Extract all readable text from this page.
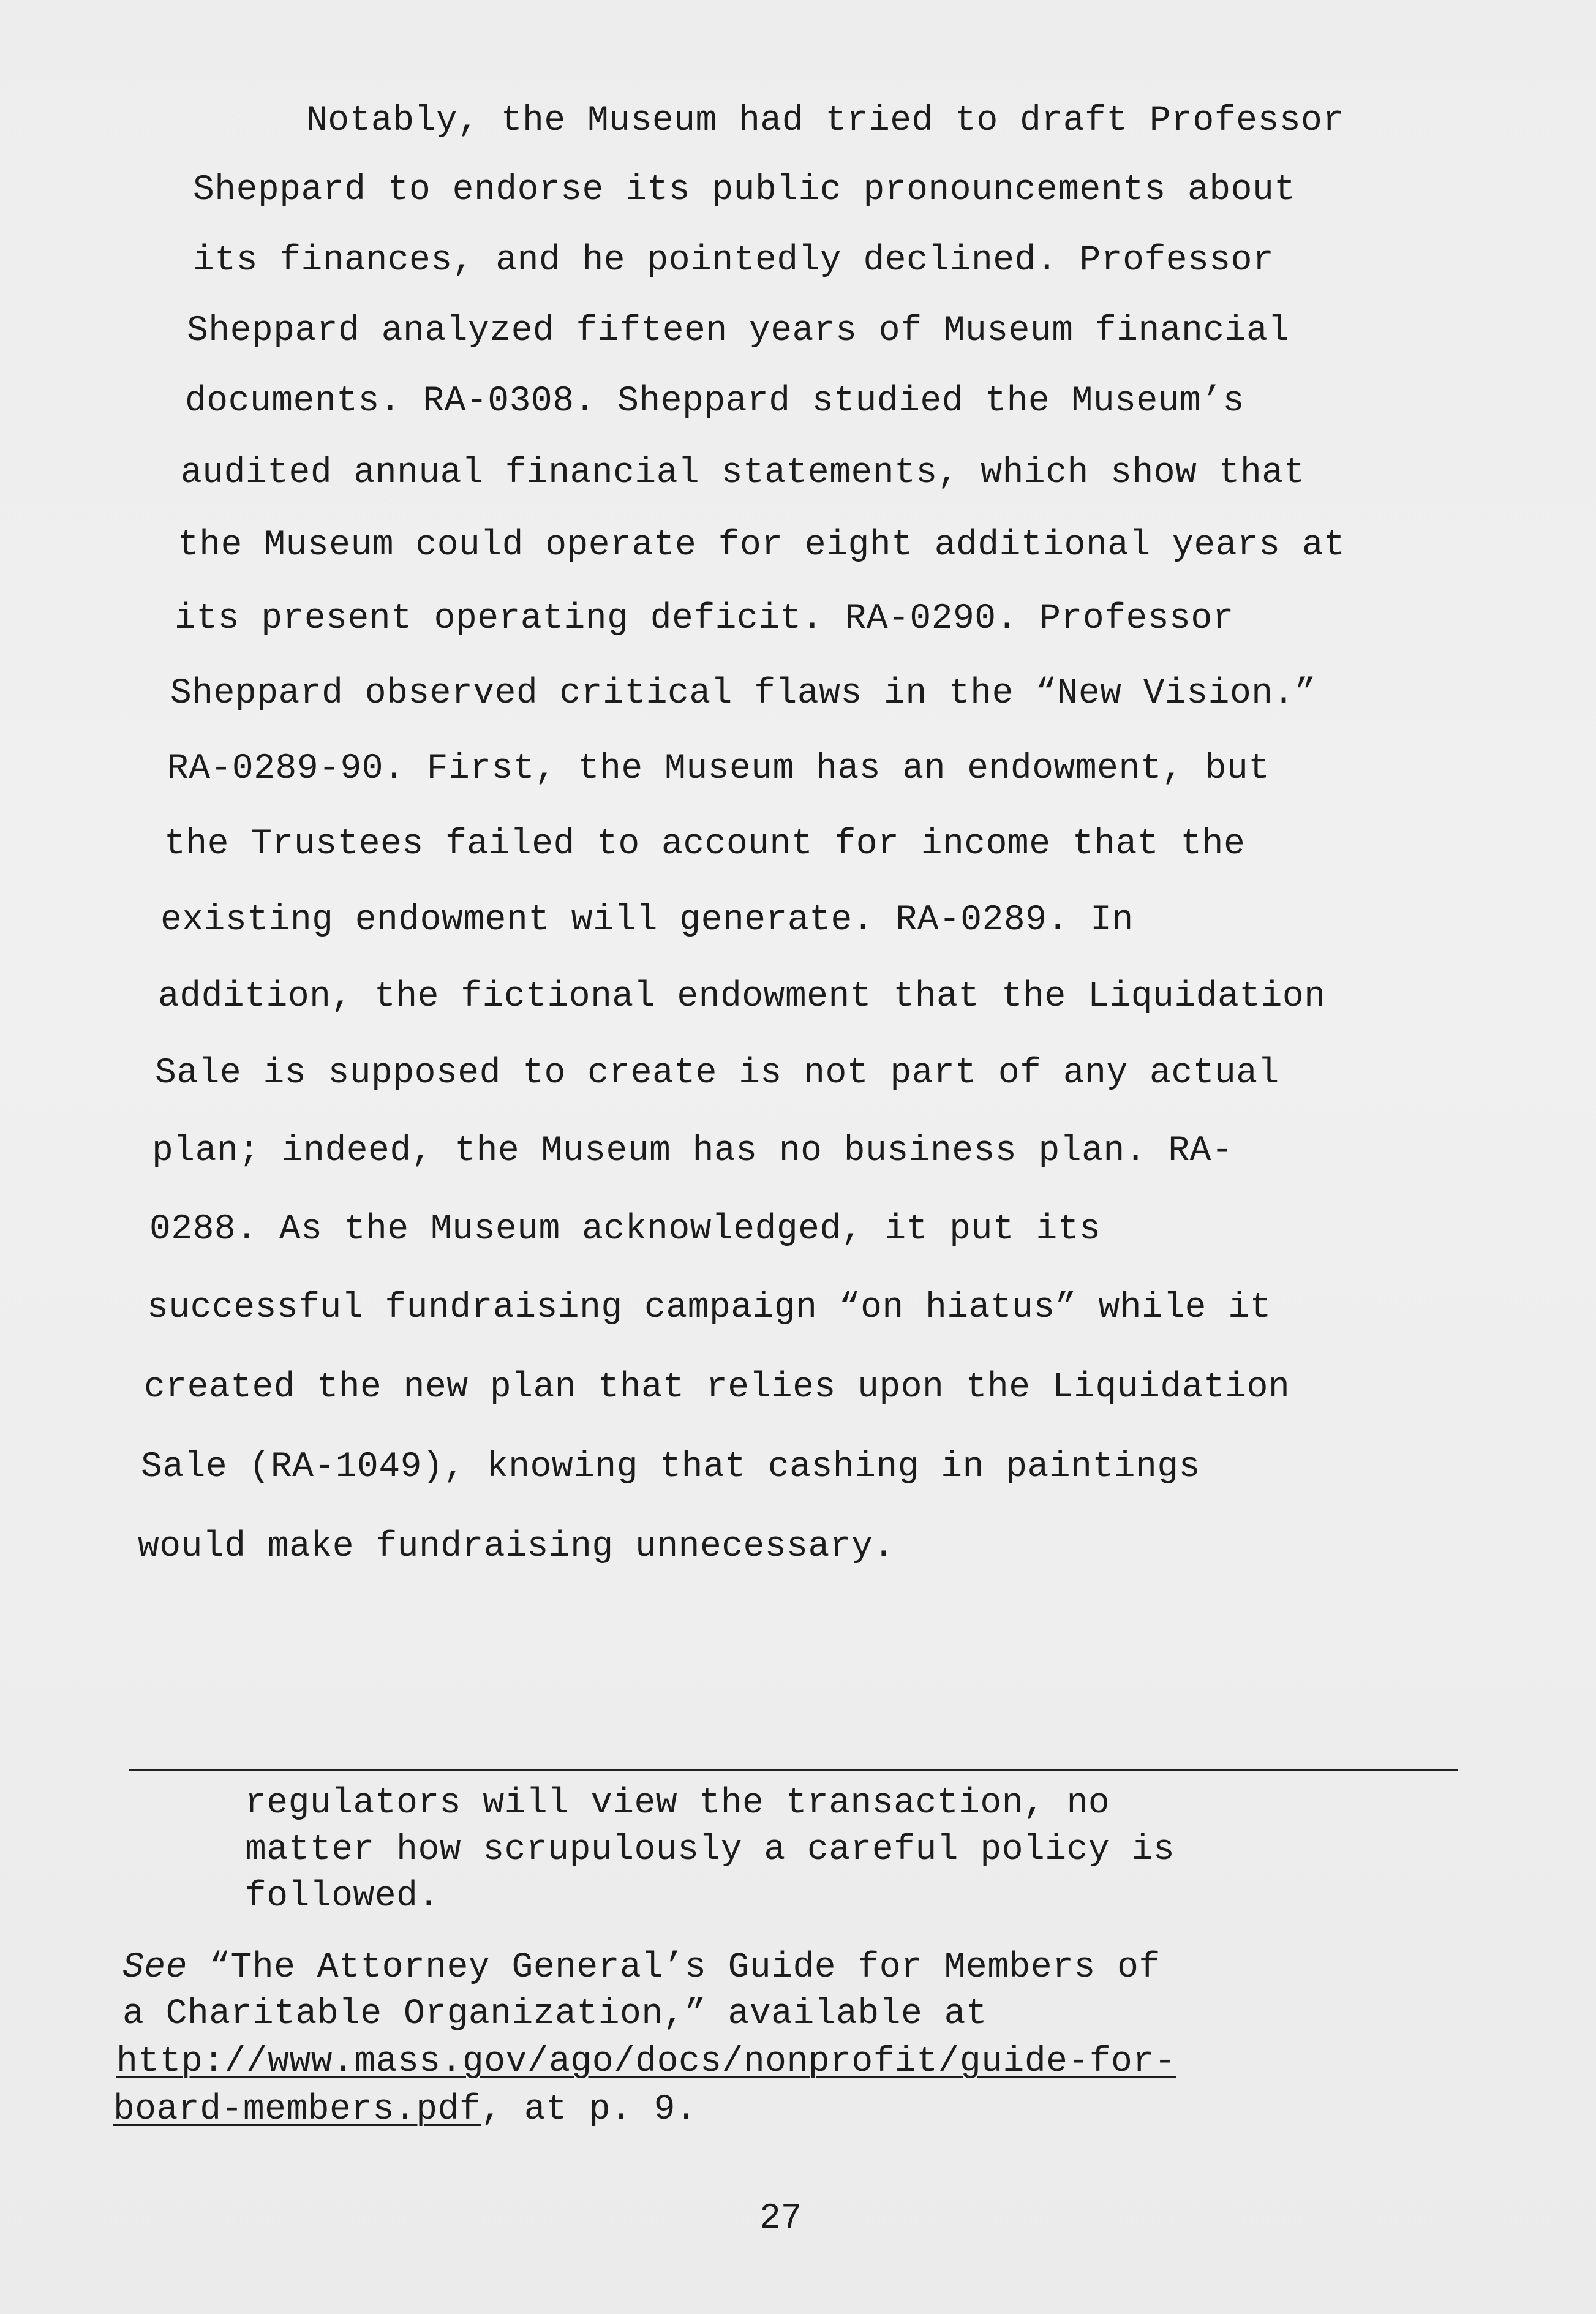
Notably, the Museum had tried to draft Professor
Sheppard to endorse its public pronouncements about
its finances, and he pointedly declined. Professor
Sheppard analyzed fifteen years of Museum financial
documents. RA-0308. Sheppard studied the Museum’s
audited annual financial statements, which show that
the Museum could operate for eight additional years at
its present operating deficit. RA-0290. Professor
Sheppard observed critical flaws in the “New Vision.”
RA-0289-90. First, the Museum has an endowment, but
the Trustees failed to account for income that the
existing endowment will generate. RA-0289. In
addition, the fictional endowment that the Liquidation
Sale is supposed to create is not part of any actual
plan; indeed, the Museum has no business plan. RA-
0288. As the Museum acknowledged, it put its
successful fundraising campaign “on hiatus” while it
created the new plan that relies upon the Liquidation
Sale (RA-1049), knowing that cashing in paintings
would make fundraising unnecessary.
regulators will view the transaction, no
matter how scrupulously a careful policy is
followed.
See “The Attorney General’s Guide for Members of
a Charitable Organization,” available at
http://www.mass.gov/ago/docs/nonprofit/guide-for-
board-members.pdf, at p. 9.
27
